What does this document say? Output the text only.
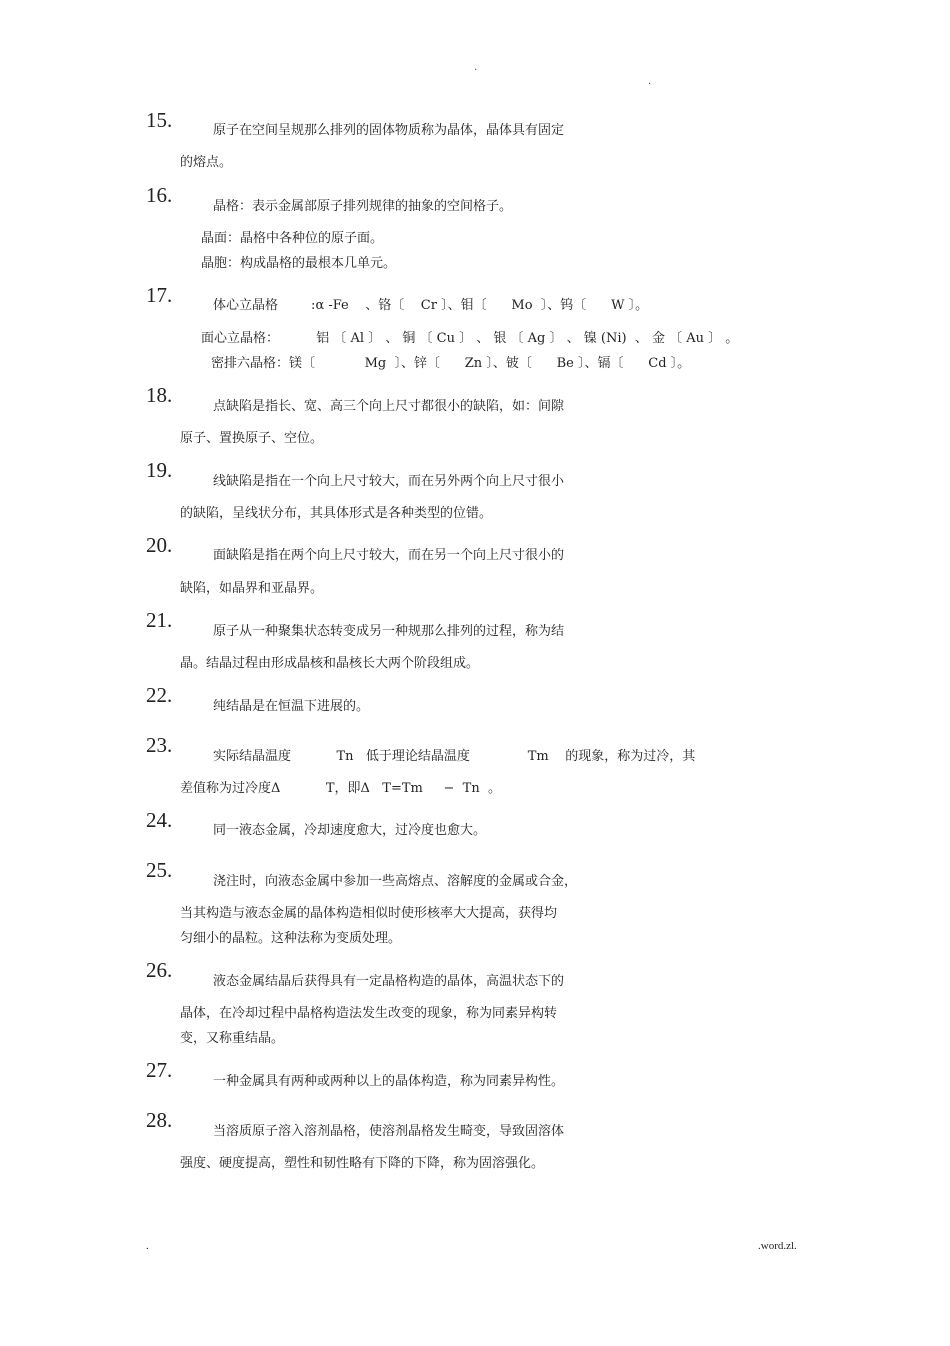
.
.
15.	原子在空间呈规那么排列的固体物质称为晶体，晶体具有固定
的熔点。
16.	晶格：表示金属部原子排列规律的抽象的空间格子。
晶面：晶格中各种位的原子面。
晶胞：构成晶格的最根本几单元。
17.	体心立晶格        :α -Fe    、铬〔    Cr 〕、钼〔      Mo  〕、钨〔      W 〕。
面心立晶格：         铝 〔 Al 〕 、 铜 〔 Cu 〕 、 银 〔 Ag 〕 、 镍 (Ni)  、 金 〔 Au 〕 。
密排六晶格：镁〔            Mg  〕、锌〔      Zn 〕、铍〔      Be 〕、镉〔      Cd 〕。
18.	点缺陷是指长、宽、高三个向上尺寸都很小的缺陷，如：间隙
原子、置换原子、空位。
19.	线缺陷是指在一个向上尺寸较大，而在另外两个向上尺寸很小
的缺陷，呈线状分布，其具体形式是各种类型的位错。
20.	面缺陷是指在两个向上尺寸较大，而在另一个向上尺寸很小的
缺陷，如晶界和亚晶界。
21.	原子从一种聚集状态转变成另一种规那么排列的过程，称为结
晶。结晶过程由形成晶核和晶核长大两个阶段组成。
22.	纯结晶是在恒温下进展的。
23.	实际结晶温度           Tn   低于理论结晶温度              Tm    的现象，称为过冷，其
差值称为过冷度Δ           T，即Δ   T=Tm     −  Tn  。
24.	同一液态金属，冷却速度愈大，过冷度也愈大。
25.	浇注时，向液态金属中参加一些高熔点、溶解度的金属或合金，
当其构造与液态金属的晶体构造相似时使形核率大大提高，获得均
匀细小的晶粒。这种法称为变质处理。
26.	液态金属结晶后获得具有一定晶格构造的晶体，高温状态下的
晶体，在冷却过程中晶格构造法发生改变的现象，称为同素异构转
变，又称重结晶。
27.	一种金属具有两种或两种以上的晶体构造，称为同素异构性。
28.	当溶质原子溶入溶剂晶格，使溶剂晶格发生畸变，导致固溶体
强度、硬度提高，塑性和韧性略有下降的下降，称为固溶强化。
.	.word.zl.
